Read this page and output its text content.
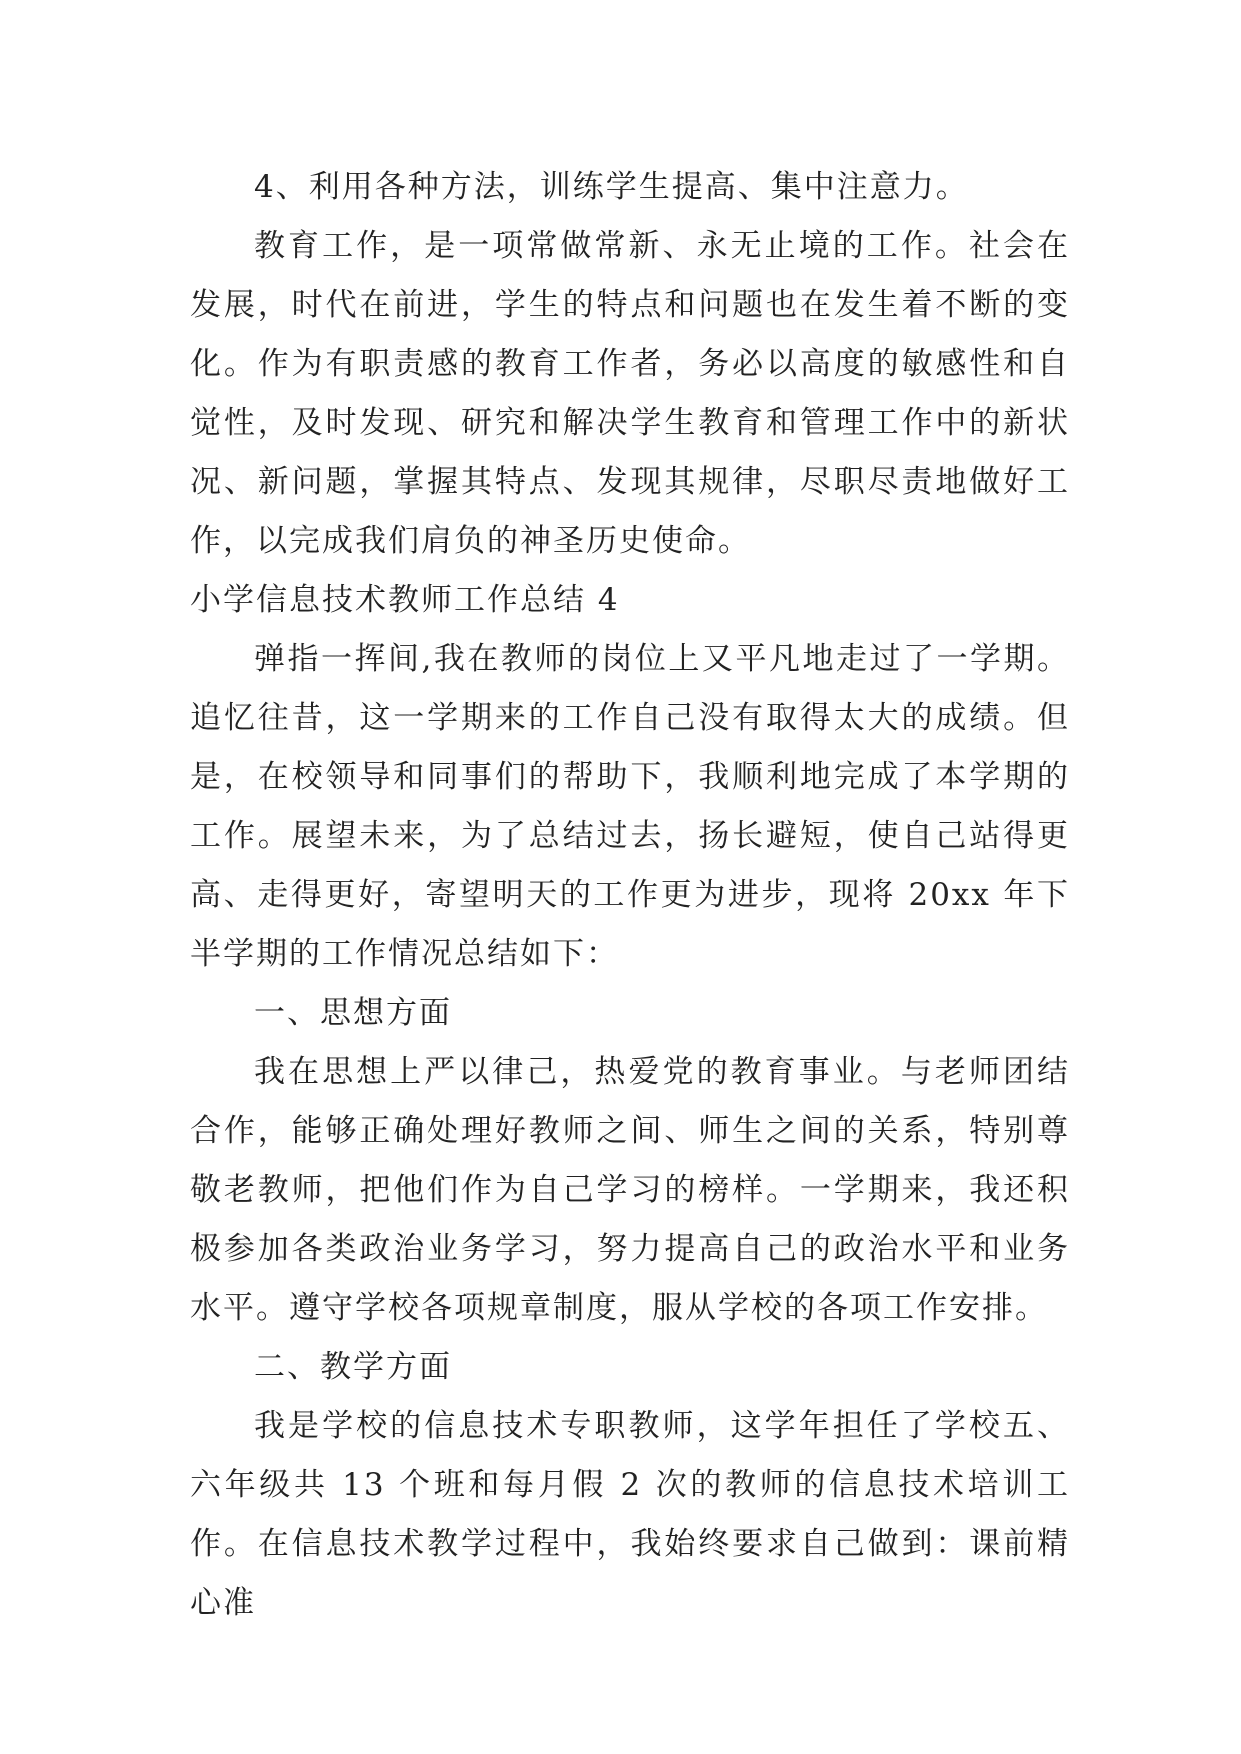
4、利用各种方法，训练学生提高、集中注意力。

教育工作，是一项常做常新、永无止境的工作。社会在发展，时代在前进，学生的特点和问题也在发生着不断的变化。作为有职责感的教育工作者，务必以高度的敏感性和自觉性，及时发现、研究和解决学生教育和管理工作中的新状况、新问题，掌握其特点、发现其规律，尽职尽责地做好工作，以完成我们肩负的神圣历史使命。

小学信息技术教师工作总结 4

弹指一挥间,我在教师的岗位上又平凡地走过了一学期。追忆往昔，这一学期来的工作自己没有取得太大的成绩。但是，在校领导和同事们的帮助下，我顺利地完成了本学期的工作。展望未来，为了总结过去，扬长避短，使自己站得更高、走得更好，寄望明天的工作更为进步，现将 20xx 年下半学期的工作情况总结如下：

一、思想方面

我在思想上严以律己，热爱党的教育事业。与老师团结合作，能够正确处理好教师之间、师生之间的关系，特别尊敬老教师，把他们作为自己学习的榜样。一学期来，我还积极参加各类政治业务学习，努力提高自己的政治水平和业务水平。遵守学校各项规章制度，服从学校的各项工作安排。

二、教学方面

我是学校的信息技术专职教师，这学年担任了学校五、六年级共 13 个班和每月假 2 次的教师的信息技术培训工作。在信息技术教学过程中，我始终要求自己做到：课前精心准
